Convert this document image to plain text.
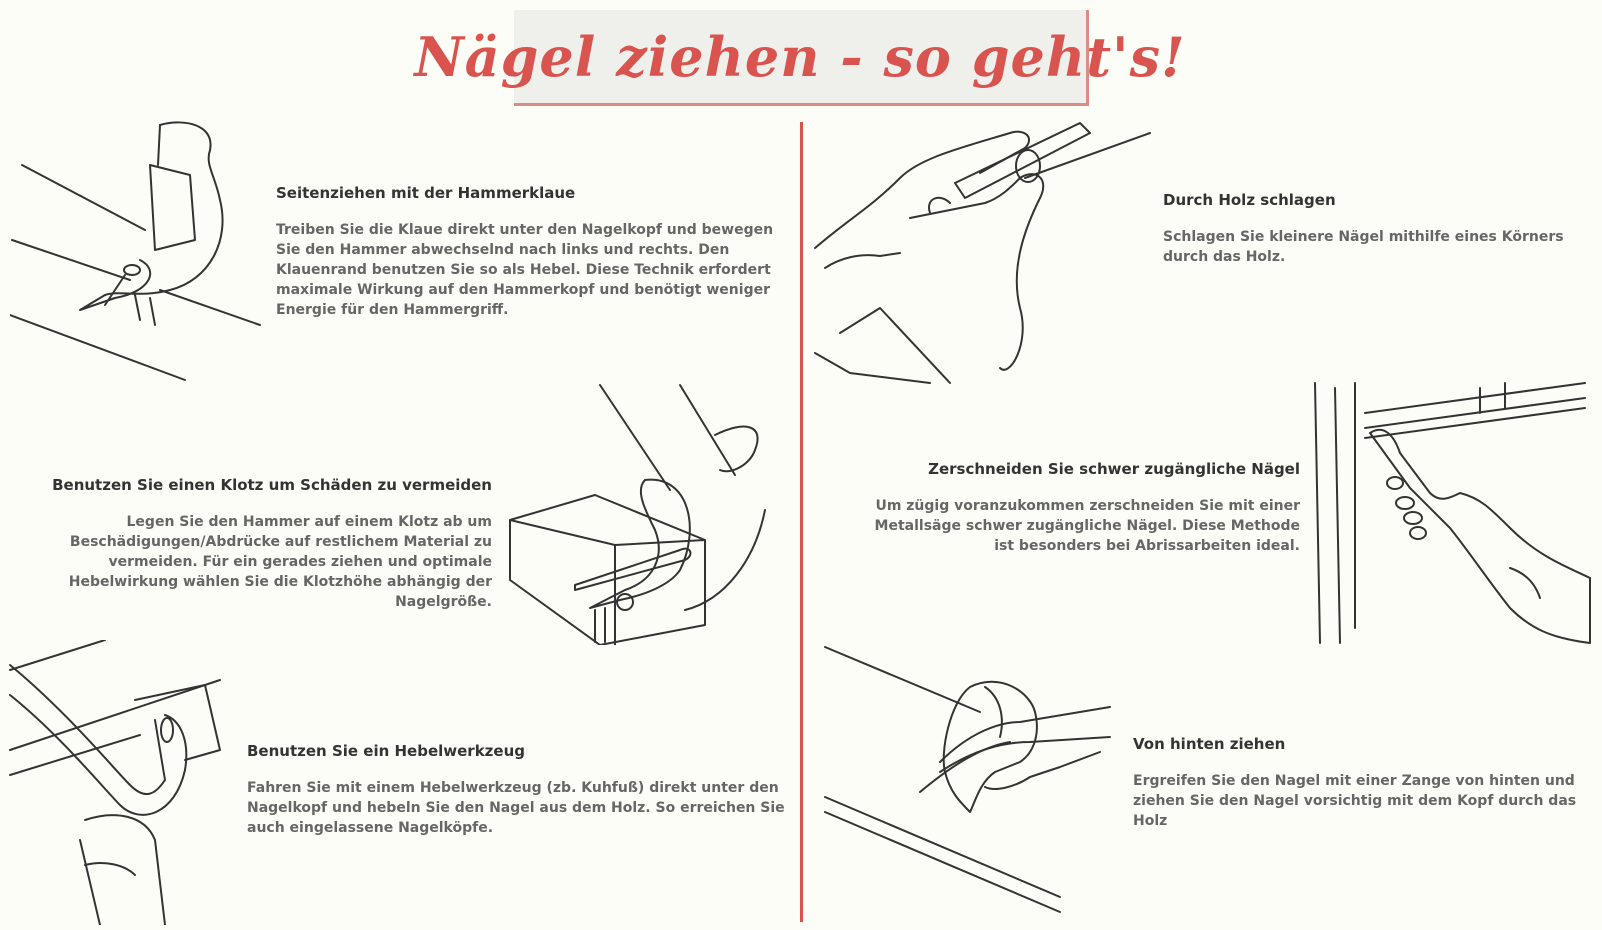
Nägel ziehen - so geht's!
Seitenziehen mit der Hammerklaue

Treiben Sie die Klaue direkt unter den Nagelkopf und bewegen Sie den Hammer abwechselnd nach links und rechts. Den Klauenrand benutzen Sie so als Hebel. Diese Technik erfordert maximale Wirkung auf den Hammerkopf und benötigt weniger Energie für den Hammergriff.

Benutzen Sie einen Klotz um Schäden zu vermeiden

Legen Sie den Hammer auf einem Klotz ab um Beschädigungen/Abdrücke auf restlichem Material zu vermeiden. Für ein gerades ziehen und optimale Hebelwirkung wählen Sie die Klotzhöhe abhängig der Nagelgröße.

Benutzen Sie ein Hebelwerkzeug

Fahren Sie mit einem Hebelwerkzeug (zb. Kuhfuß) direkt unter den Nagelkopf und hebeln Sie den Nagel aus dem Holz. So erreichen Sie auch eingelassene Nagelköpfe.

Durch Holz schlagen

Schlagen Sie kleinere Nägel mithilfe eines Körners durch das Holz.

Zerschneiden Sie schwer zugängliche Nägel

Um zügig voranzukommen zerschneiden Sie mit einer Metallsäge schwer zugängliche Nägel. Diese Methode ist besonders bei Abrissarbeiten ideal.

Von hinten ziehen

Ergreifen Sie den Nagel mit einer Zange von hinten und ziehen Sie den Nagel vorsichtig mit dem Kopf durch das Holz
